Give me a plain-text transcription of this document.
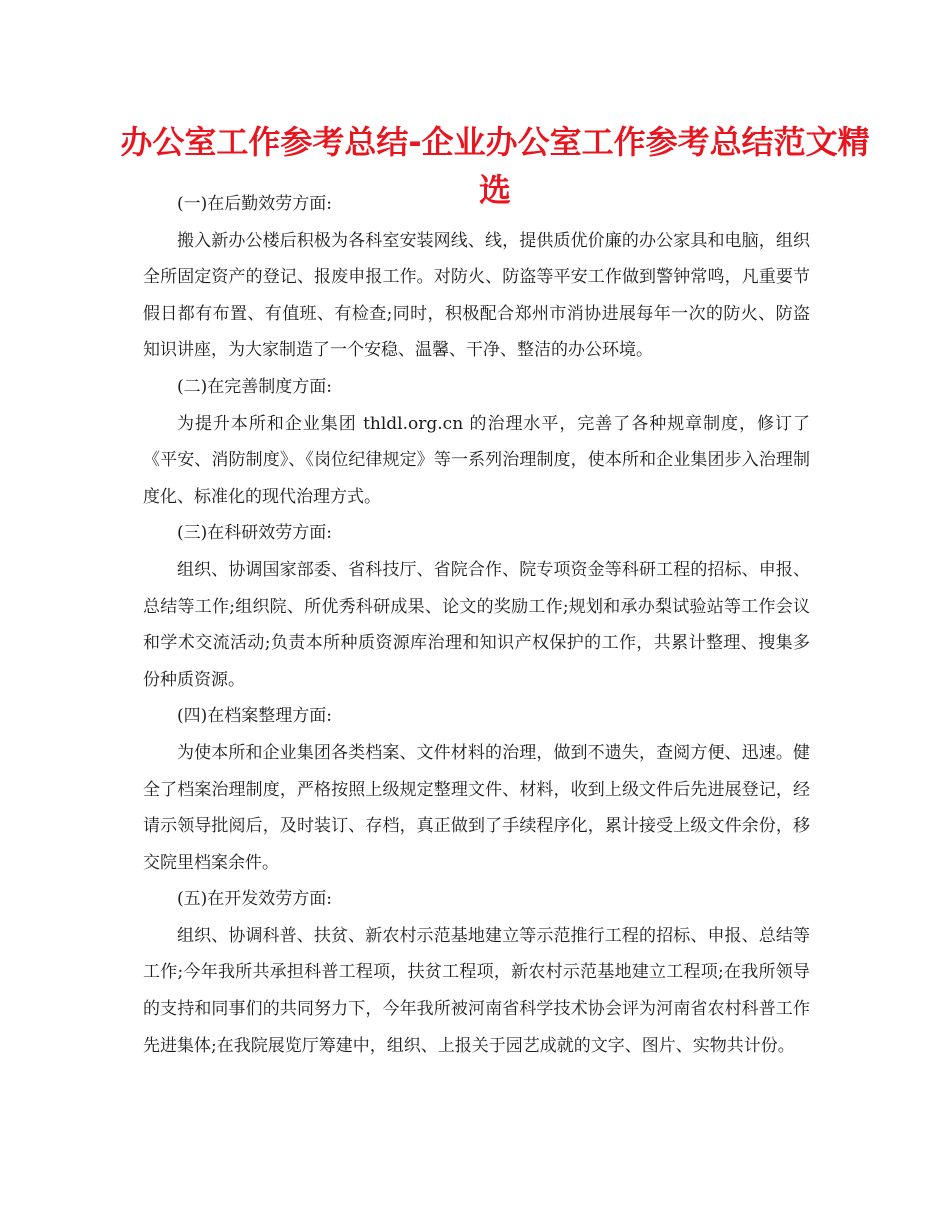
办公室工作参考总结-企业办公室工作参考总结范文精选

(一)在后勤效劳方面:

搬入新办公楼后积极为各科室安装网线、线，提供质优价廉的办公家具和电脑，组织全所固定资产的登记、报废申报工作。对防火、防盗等平安工作做到警钟常鸣，凡重要节假日都有布置、有值班、有检查;同时，积极配合郑州市消协进展每年一次的防火、防盗知识讲座，为大家制造了一个安稳、温馨、干净、整洁的办公环境。

(二)在完善制度方面:

为提升本所和企业集团 thldl.org.cn 的治理水平，完善了各种规章制度，修订了《平安、消防制度》、《岗位纪律规定》等一系列治理制度，使本所和企业集团步入治理制度化、标准化的现代治理方式。

(三)在科研效劳方面:

组织、协调国家部委、省科技厅、省院合作、院专项资金等科研工程的招标、申报、总结等工作;组织院、所优秀科研成果、论文的奖励工作;规划和承办梨试验站等工作会议和学术交流活动;负责本所种质资源库治理和知识产权保护的工作，共累计整理、搜集多份种质资源。

(四)在档案整理方面:

为使本所和企业集团各类档案、文件材料的治理，做到不遗失，查阅方便、迅速。健全了档案治理制度，严格按照上级规定整理文件、材料，收到上级文件后先进展登记，经请示领导批阅后，及时装订、存档，真正做到了手续程序化，累计接受上级文件余份，移交院里档案余件。

(五)在开发效劳方面:

组织、协调科普、扶贫、新农村示范基地建立等示范推行工程的招标、申报、总结等工作;今年我所共承担科普工程项，扶贫工程项，新农村示范基地建立工程项;在我所领导的支持和同事们的共同努力下，今年我所被河南省科学技术协会评为河南省农村科普工作先进集体;在我院展览厅筹建中，组织、上报关于园艺成就的文字、图片、实物共计份。
